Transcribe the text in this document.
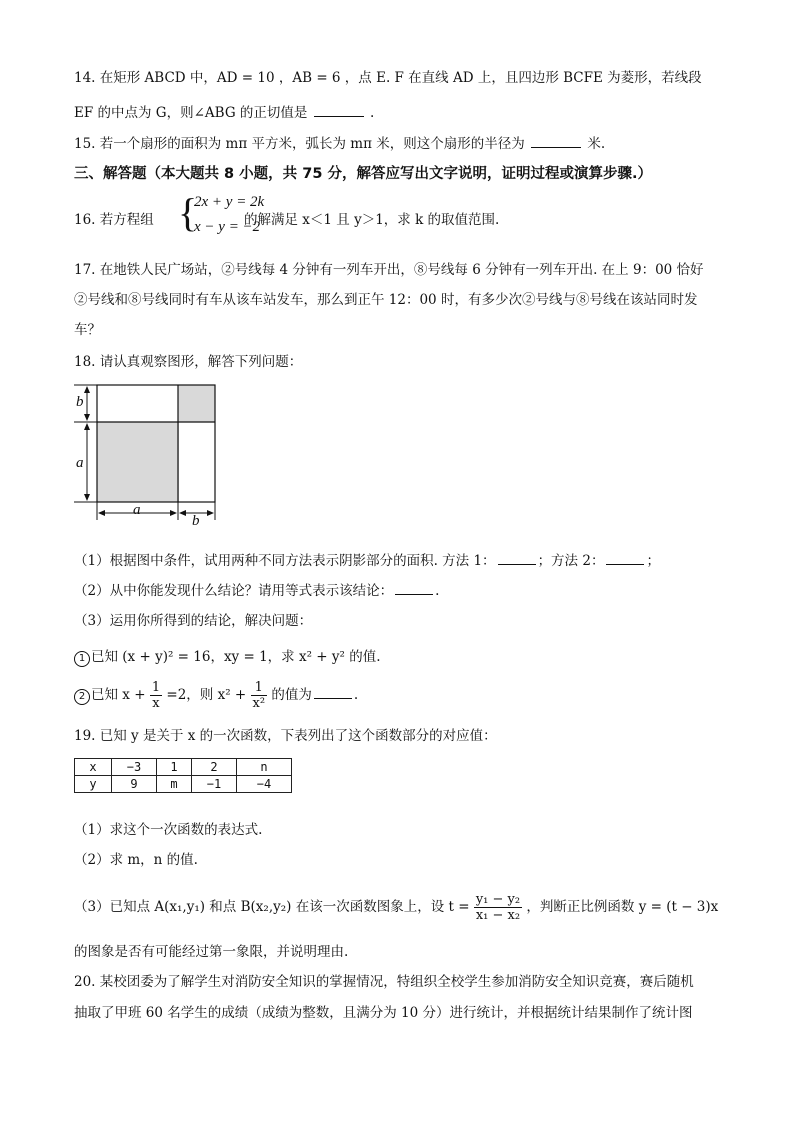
14. 在矩形 ABCD 中，AD = 10 ，AB = 6 ，点 E. F 在直线 AD 上，且四边形 BCFE 为菱形，若线段
EF 的中点为 G，则∠ABG 的正切值是	.
15. 若一个扇形的面积为 mπ 平方米，弧长为 mπ 米，则这个扇形的半径为	米.
三、解答题（本大题共 8 小题，共 75 分，解答应写出文字说明，证明过程或演算步骤.）
16. 若方程组 {
2x + y = 2k
x − y = −2
的解满足 x＜1 且 y＞1，求 k 的取值范围.
17. 在地铁人民广场站，②号线每 4 分钟有一列车开出，⑧号线每 6 分钟有一列车开出. 在上 9：00 恰好
②号线和⑧号线同时有车从该车站发车，那么到正午 12：00 时，有多少次②号线与⑧号线在该站同时发
车？
18. 请认真观察图形，解答下列问题：
b
a
a
b
（1）根据图中条件，试用两种不同方法表示阴影部分的面积. 方法 1：	；方法 2：	；
（2）从中你能发现什么结论？请用等式表示该结论：	.
（3）运用你所得到的结论，解决问题：
1 已知 (x + y)² = 16，xy = 1，求 x² + y² 的值.
2 已知 $x + \frac{1}{x} =2$，则 $x^2 + \frac{1}{\text{x²}}$ 的值为	.
19. 已知 y 是关于 x 的一次函数，下表列出了这个函数部分的对应值：
x	−3	1	2	n
y	9	m	−1	−4
（1）求这个一次函数的表达式.
（2）求 m，n 的值.
（3）已知点 A(x₁,y₁) 和点 B(x₂,y₂) 在该一次函数图象上，设 $t = \frac{\text{y₁ − y₂}}{\text{x₁ − x₂}}$ ，判断正比例函数 y = (t − 3)x
的图象是否有可能经过第一象限，并说明理由.
20. 某校团委为了解学生对消防安全知识的掌握情况，特组织全校学生参加消防安全知识竞赛，赛后随机
抽取了甲班 60 名学生的成绩（成绩为整数，且满分为 10 分）进行统计，并根据统计结果制作了统计图
